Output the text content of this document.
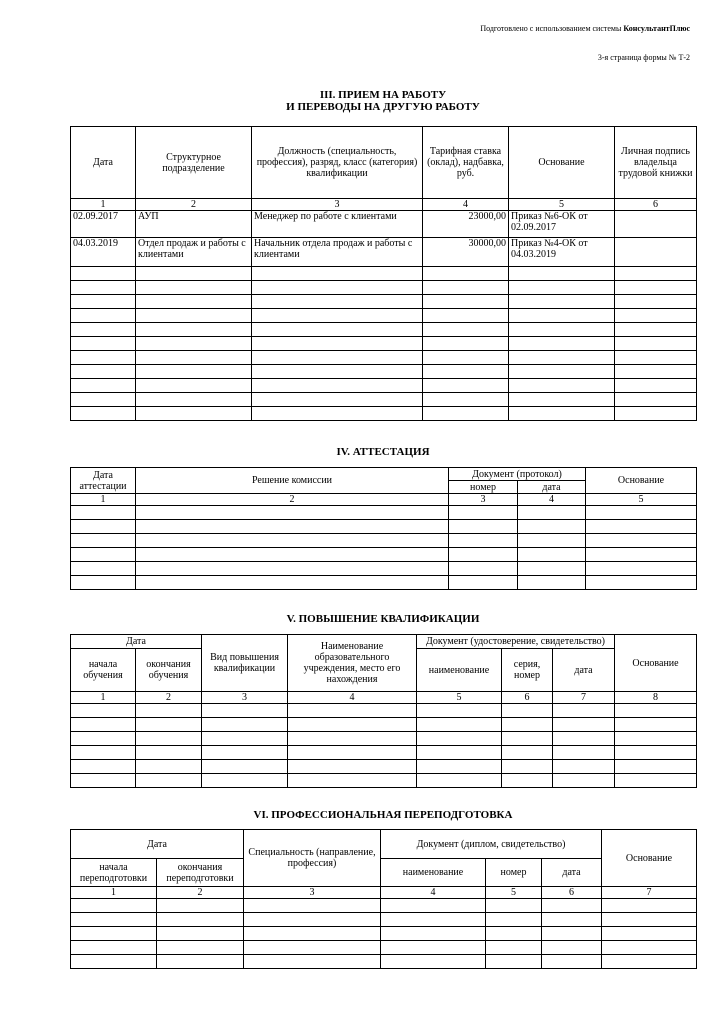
Подготовлено с использованием системы КонсультантПлюс
3-я страница формы № Т-2
III. ПРИЕМ НА РАБОТУ
И ПЕРЕВОДЫ НА ДРУГУЮ РАБОТУ
Дата	Структурное подразделение	Должность (специальность, профессия), разряд, класс (категория) квалификации	Тарифная ставка (оклад), надбавка, руб.	Основание	Личная подпись владельца трудовой книжки
1	2	3	4	5	6
02.09.2017	АУП	Менеджер по работе с клиентами	23000,00	Приказ №6-ОК от 02.09.2017	
04.03.2019	Отдел продаж и работы с клиентами	Начальник отдела продаж и работы с клиентами	30000,00	Приказ №4-ОК от 04.03.2019	

IV. АТТЕСТАЦИЯ
Дата аттестации	Решение комиссии	Документ (протокол)		Основание
		номер	дата	
1	2	3	4	5

V. ПОВЫШЕНИЕ КВАЛИФИКАЦИИ
Дата		Вид повышения квалификации	Наименование образовательного учреждения, место его нахождения	Документ (удостоверение, свидетельство)			Основание
начала обучения	окончания обучения			наименование	серия, номер	дата	
1	2	3	4	5	6	7	8

VI. ПРОФЕССИОНАЛЬНАЯ ПЕРЕПОДГОТОВКА
Дата		Специальность (направление, профессия)	Документ (диплом, свидетельство)			Основание
начала переподготовки	окончания переподготовки		наименование	номер	дата	
1	2	3	4	5	6	7
